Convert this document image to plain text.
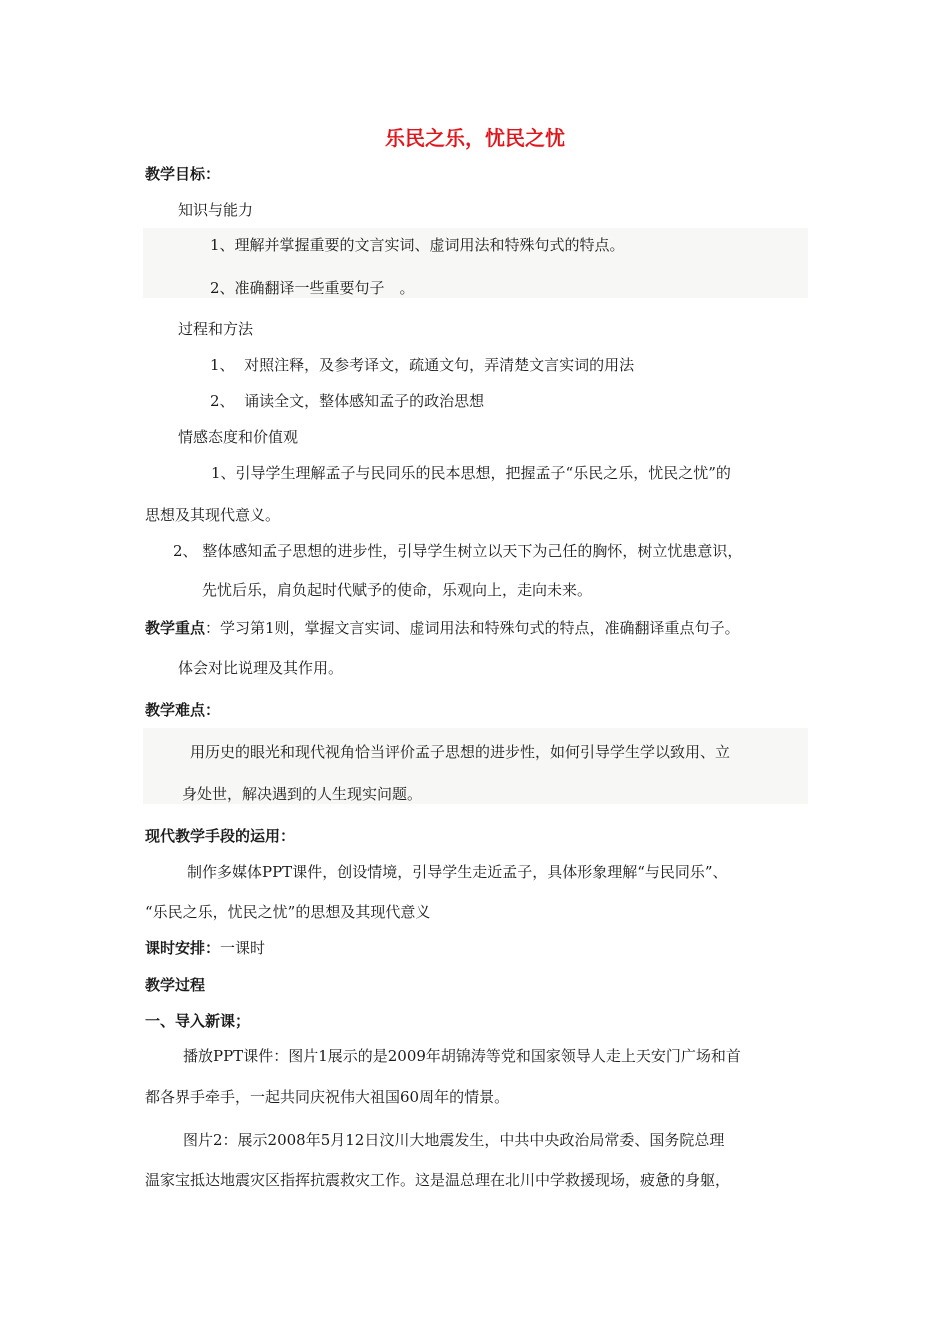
乐民之乐，忧民之忧
教学目标：
知识与能力
1、理解并掌握重要的文言实词、虚词用法和特殊句式的特点。
2、准确翻译一些重要句子　。
过程和方法
1、  对照注释，及参考译文，疏通文句，弄清楚文言实词的用法
2、  诵读全文，整体感知孟子的政治思想
情感态度和价值观
1、引导学生理解孟子与民同乐的民本思想，把握孟子“乐民之乐，忧民之忧”的
思想及其现代意义。
2、 整体感知孟子思想的进步性，引导学生树立以天下为己任的胸怀，树立忧患意识，
先忧后乐，肩负起时代赋予的使命，乐观向上，走向未来。
教学重点：学习第1则，掌握文言实词、虚词用法和特殊句式的特点，准确翻译重点句子。
体会对比说理及其作用。
教学难点：
用历史的眼光和现代视角恰当评价孟子思想的进步性，如何引导学生学以致用、立
身处世，解决遇到的人生现实问题。
现代教学手段的运用：
制作多媒体PPT课件，创设情境，引导学生走近孟子，具体形象理解“与民同乐”、
“乐民之乐，忧民之忧”的思想及其现代意义
课时安排：一课时
教学过程
一、导入新课；
播放PPT课件：图片1展示的是2009年胡锦涛等党和国家领导人走上天安门广场和首
都各界手牵手，一起共同庆祝伟大祖国60周年的情景。
图片2：展示2008年5月12日汶川大地震发生，中共中央政治局常委、国务院总理
温家宝抵达地震灾区指挥抗震救灾工作。这是温总理在北川中学救援现场，疲惫的身躯，
